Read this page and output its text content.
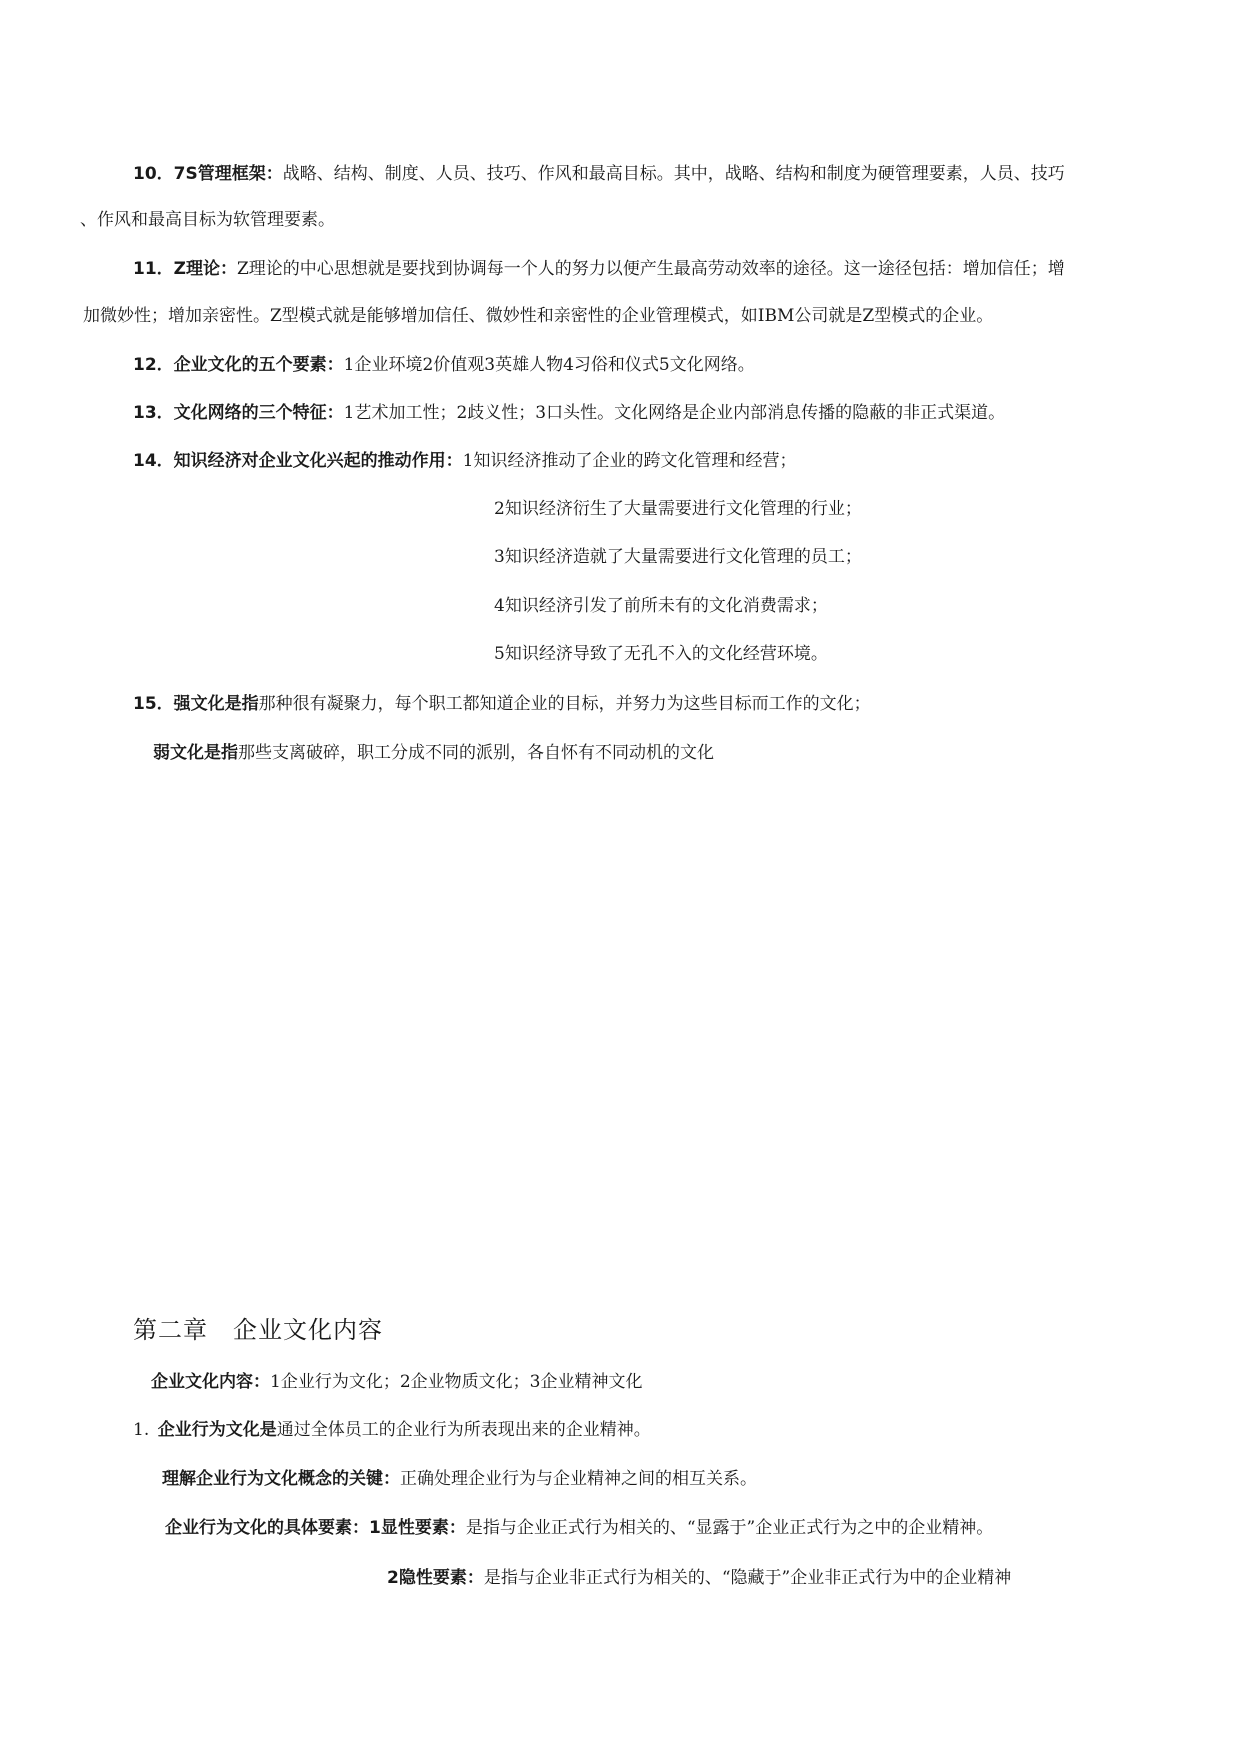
10．7S管理框架：战略、结构、制度、人员、技巧、作风和最高目标。其中，战略、结构和制度为硬管理要素，人员、技巧
、作风和最高目标为软管理要素。
11．Z理论：Z理论的中心思想就是要找到协调每一个人的努力以便产生最高劳动效率的途径。这一途径包括：增加信任；增
加微妙性；增加亲密性。Z型模式就是能够增加信任、微妙性和亲密性的企业管理模式，如IBM公司就是Z型模式的企业。
12．企业文化的五个要素：1企业环境2价值观3英雄人物4习俗和仪式5文化网络。
13．文化网络的三个特征：1艺术加工性；2歧义性；3口头性。文化网络是企业内部消息传播的隐蔽的非正式渠道。
14．知识经济对企业文化兴起的推动作用：1知识经济推动了企业的跨文化管理和经营；
2知识经济衍生了大量需要进行文化管理的行业；
3知识经济造就了大量需要进行文化管理的员工；
4知识经济引发了前所未有的文化消费需求；
5知识经济导致了无孔不入的文化经营环境。
15．强文化是指那种很有凝聚力，每个职工都知道企业的目标，并努力为这些目标而工作的文化；
弱文化是指那些支离破碎，职工分成不同的派别，各自怀有不同动机的文化
第二章　企业文化内容
企业文化内容：1企业行为文化；2企业物质文化；3企业精神文化
1.  企业行为文化是通过全体员工的企业行为所表现出来的企业精神。
理解企业行为文化概念的关键：正确处理企业行为与企业精神之间的相互关系。
企业行为文化的具体要素：1显性要素：是指与企业正式行为相关的、“显露于”企业正式行为之中的企业精神。
2隐性要素：是指与企业非正式行为相关的、“隐藏于”企业非正式行为中的企业精神
